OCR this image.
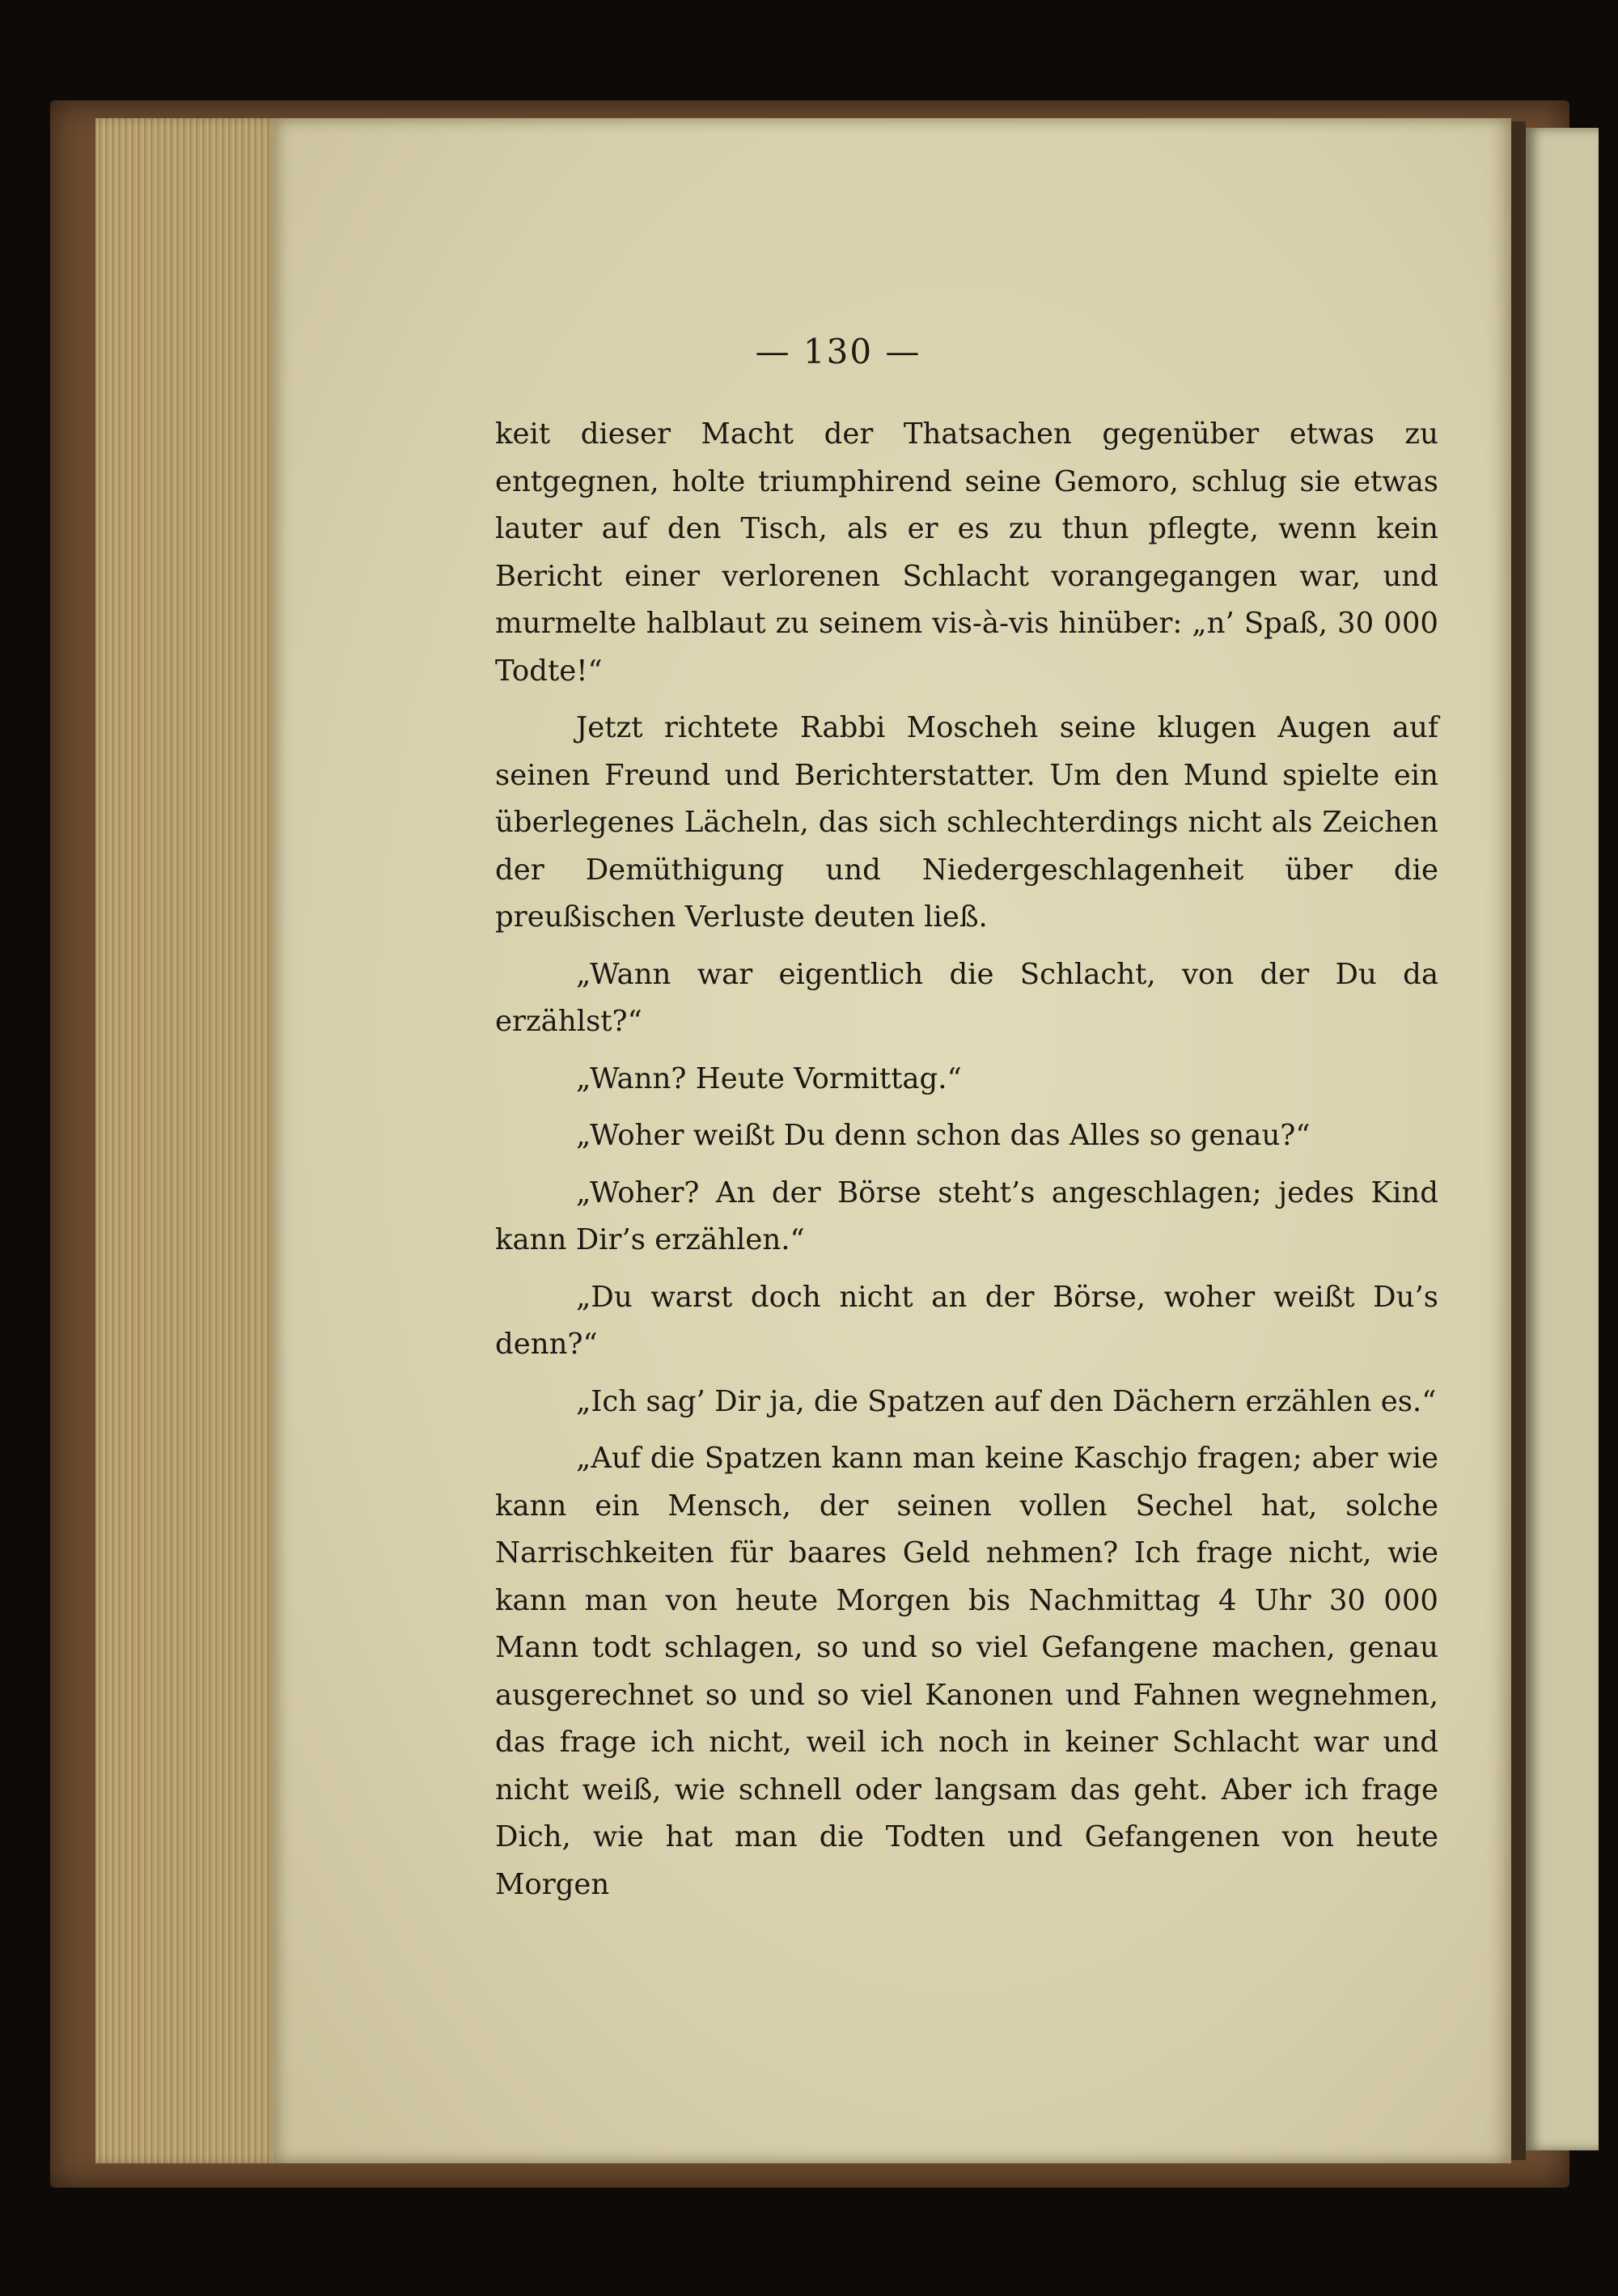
— 130 —

keit dieser Macht der Thatsachen gegenüber etwas zu entgegnen, holte triumphirend seine Gemoro, schlug sie etwas lauter auf den Tisch, als er es zu thun pflegte, wenn kein Bericht einer verlorenen Schlacht vorangegangen war, und murmelte halblaut zu seinem vis-à-vis hinüber: „n’ Spaß, 30 000 Todte!“

Jetzt richtete Rabbi Moscheh seine klugen Augen auf seinen Freund und Berichterstatter. Um den Mund spielte ein überlegenes Lächeln, das sich schlechterdings nicht als Zeichen der Demüthigung und Niedergeschlagenheit über die preußischen Verluste deuten ließ.

„Wann war eigentlich die Schlacht, von der Du da erzählst?“

„Wann? Heute Vormittag.“

„Woher weißt Du denn schon das Alles so genau?“

„Woher? An der Börse steht’s angeschlagen; jedes Kind kann Dir’s erzählen.“

„Du warst doch nicht an der Börse, woher weißt Du’s denn?“

„Ich sag’ Dir ja, die Spatzen auf den Dächern erzählen es.“

„Auf die Spatzen kann man keine Kaschjo fragen; aber wie kann ein Mensch, der seinen vollen Sechel hat, solche Narrischkeiten für baares Geld nehmen? Ich frage nicht, wie kann man von heute Morgen bis Nachmittag 4 Uhr 30 000 Mann todt schlagen, so und so viel Gefangene machen, genau ausgerechnet so und so viel Kanonen und Fahnen wegnehmen, das frage ich nicht, weil ich noch in keiner Schlacht war und nicht weiß, wie schnell oder langsam das geht. Aber ich frage Dich, wie hat man die Todten und Gefangenen von heute Morgen
